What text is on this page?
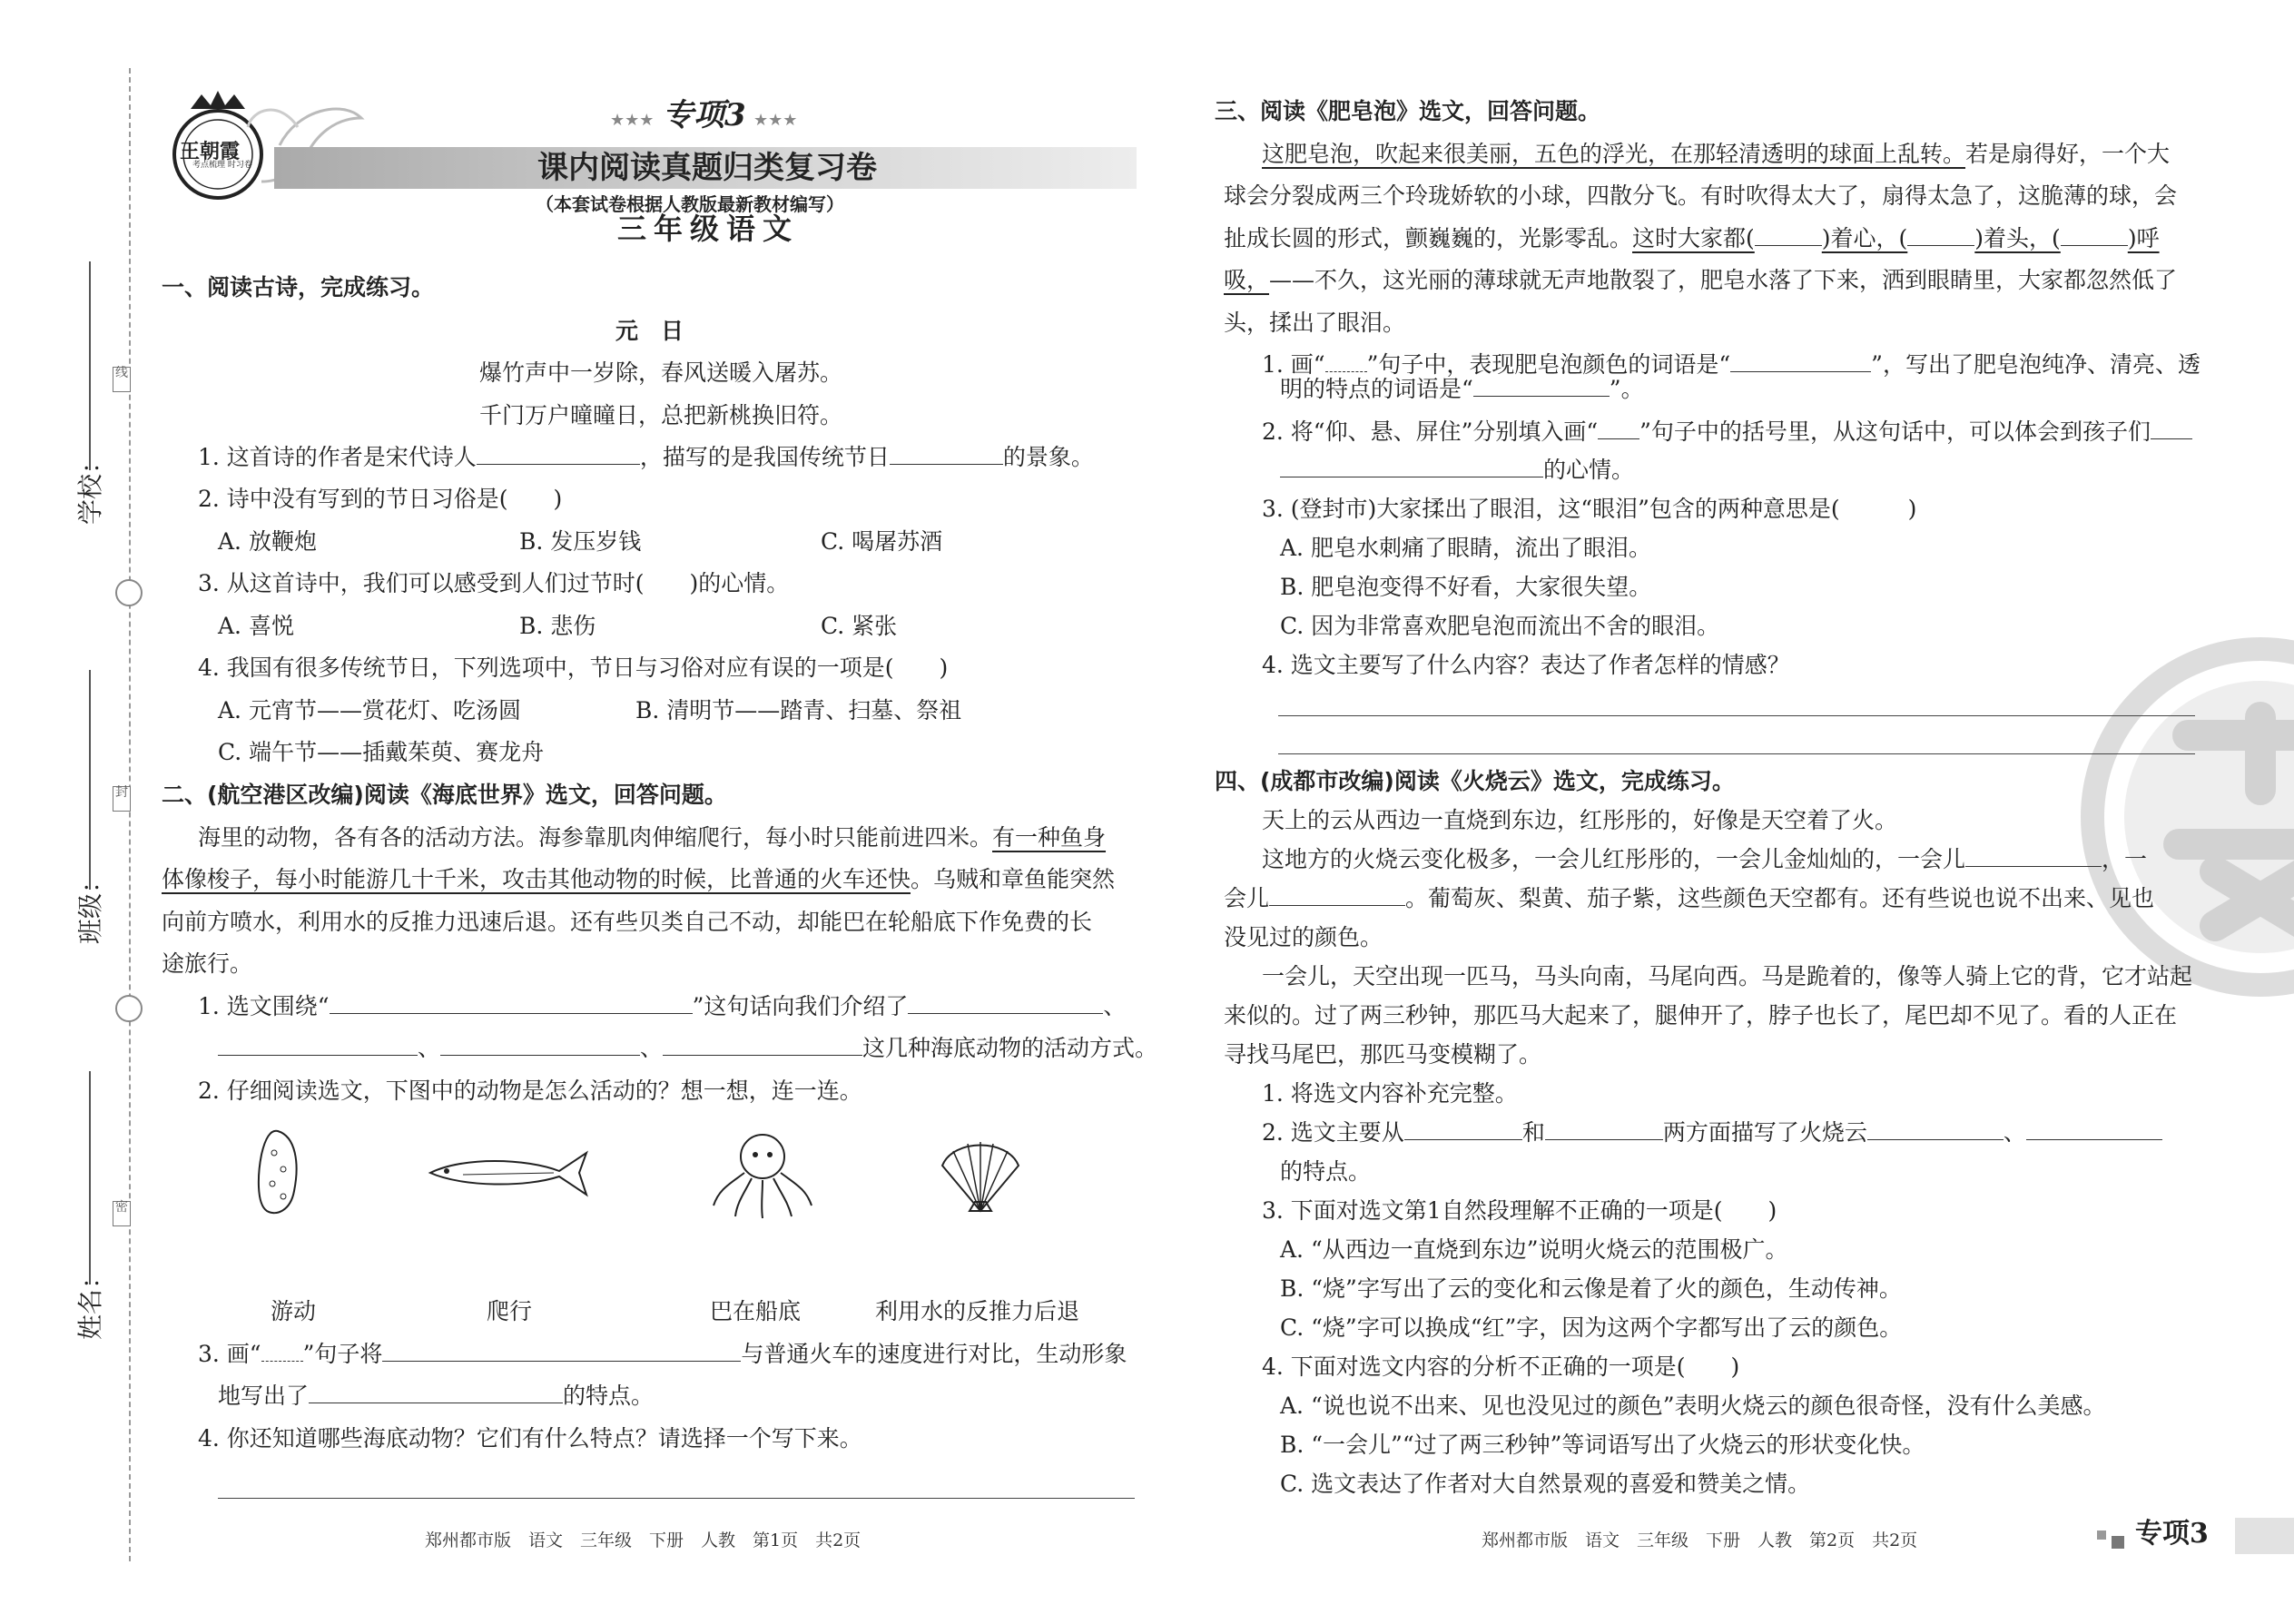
线
封
密
学校：
班级：
姓名：
王朝霞
考点梳理 时习卷
★★★ 专项3 ★★★
课内阅读真题归类复习卷
（本套试卷根据人教版最新教材编写）
三年级语文
一、阅读古诗，完成练习。
元　日
爆竹声中一岁除，春风送暖入屠苏。
千门万户曈曈日，总把新桃换旧符。
1. 这首诗的作者是宋代诗人	，描写的是我国传统节日	的景象。
2. 诗中没有写到的节日习俗是(　　)
A. 放鞭炮	B. 发压岁钱	C. 喝屠苏酒
3. 从这首诗中，我们可以感受到人们过节时(　　)的心情。
A. 喜悦	B. 悲伤	C. 紧张
4. 我国有很多传统节日，下列选项中，节日与习俗对应有误的一项是(　　)
A. 元宵节——赏花灯、吃汤圆	B. 清明节——踏青、扫墓、祭祖
C. 端午节——插戴茱萸、赛龙舟
二、(航空港区改编)阅读《海底世界》选文，回答问题。
海里的动物，各有各的活动方法。海参靠肌肉伸缩爬行，每小时只能前进四米。有一种鱼身
体像梭子，每小时能游几十千米，攻击其他动物的时候，比普通的火车还快。乌贼和章鱼能突然
向前方喷水，利用水的反推力迅速后退。还有些贝类自己不动，却能巴在轮船底下作免费的长
途旅行。
1. 选文围绕“	”这句话向我们介绍了	、
、	、	这几种海底动物的活动方式。
2. 仔细阅读选文，下图中的动物是怎么活动的？想一想，连一连。
游动	爬行	巴在船底	利用水的反推力后退
3. 画“ ”句子将	与普通火车的速度进行对比，生动形象
地写出了	的特点。
4. 你还知道哪些海底动物？它们有什么特点？请选择一个写下来。
郑州都市版　语文　三年级　下册　人教　第1页　共2页
三、阅读《肥皂泡》选文，回答问题。
这肥皂泡，吹起来很美丽，五色的浮光，在那轻清透明的球面上乱转。若是扇得好，一个大
球会分裂成两三个玲珑娇软的小球，四散分飞。有时吹得太大了，扇得太急了，这脆薄的球，会
扯成长圆的形式，颤巍巍的，光影零乱。这时大家都(	)着心，(	)着头，(	)呼
吸，——不久，这光丽的薄球就无声地散裂了，肥皂水落了下来，洒到眼睛里，大家都忽然低了
头，揉出了眼泪。
1. 画“ ”句子中，表现肥皂泡颜色的词语是“	”，写出了肥皂泡纯净、清亮、透
明的特点的词语是“	”。
2. 将“仰、悬、屏住”分别填入画“ ”句子中的括号里，从这句话中，可以体会到孩子们
的心情。
3. (登封市)大家揉出了眼泪，这“眼泪”包含的两种意思是(　　　)
A. 肥皂水刺痛了眼睛，流出了眼泪。
B. 肥皂泡变得不好看，大家很失望。
C. 因为非常喜欢肥皂泡而流出不舍的眼泪。
4. 选文主要写了什么内容？表达了作者怎样的情感？
四、(成都市改编)阅读《火烧云》选文，完成练习。
天上的云从西边一直烧到东边，红彤彤的，好像是天空着了火。
这地方的火烧云变化极多，一会儿红彤彤的，一会儿金灿灿的，一会儿	，一
会儿	。葡萄灰、梨黄、茄子紫，这些颜色天空都有。还有些说也说不出来、见也
没见过的颜色。
一会儿，天空出现一匹马，马头向南，马尾向西。马是跪着的，像等人骑上它的背，它才站起
来似的。过了两三秒钟，那匹马大起来了，腿伸开了，脖子也长了，尾巴却不见了。看的人正在
寻找马尾巴，那匹马变模糊了。
1. 将选文内容补充完整。
2. 选文主要从	和	两方面描写了火烧云	、
的特点。
3. 下面对选文第1自然段理解不正确的一项是(　　)
A. “从西边一直烧到东边”说明火烧云的范围极广。
B. “烧”字写出了云的变化和云像是着了火的颜色，生动传神。
C. “烧”字可以换成“红”字，因为这两个字都写出了云的颜色。
4. 下面对选文内容的分析不正确的一项是(　　)
A. “说也说不出来、见也没见过的颜色”表明火烧云的颜色很奇怪，没有什么美感。
B. “一会儿”“过了两三秒钟”等词语写出了火烧云的形状变化快。
C. 选文表达了作者对大自然景观的喜爱和赞美之情。
郑州都市版　语文　三年级　下册　人教　第2页　共2页	专项3
